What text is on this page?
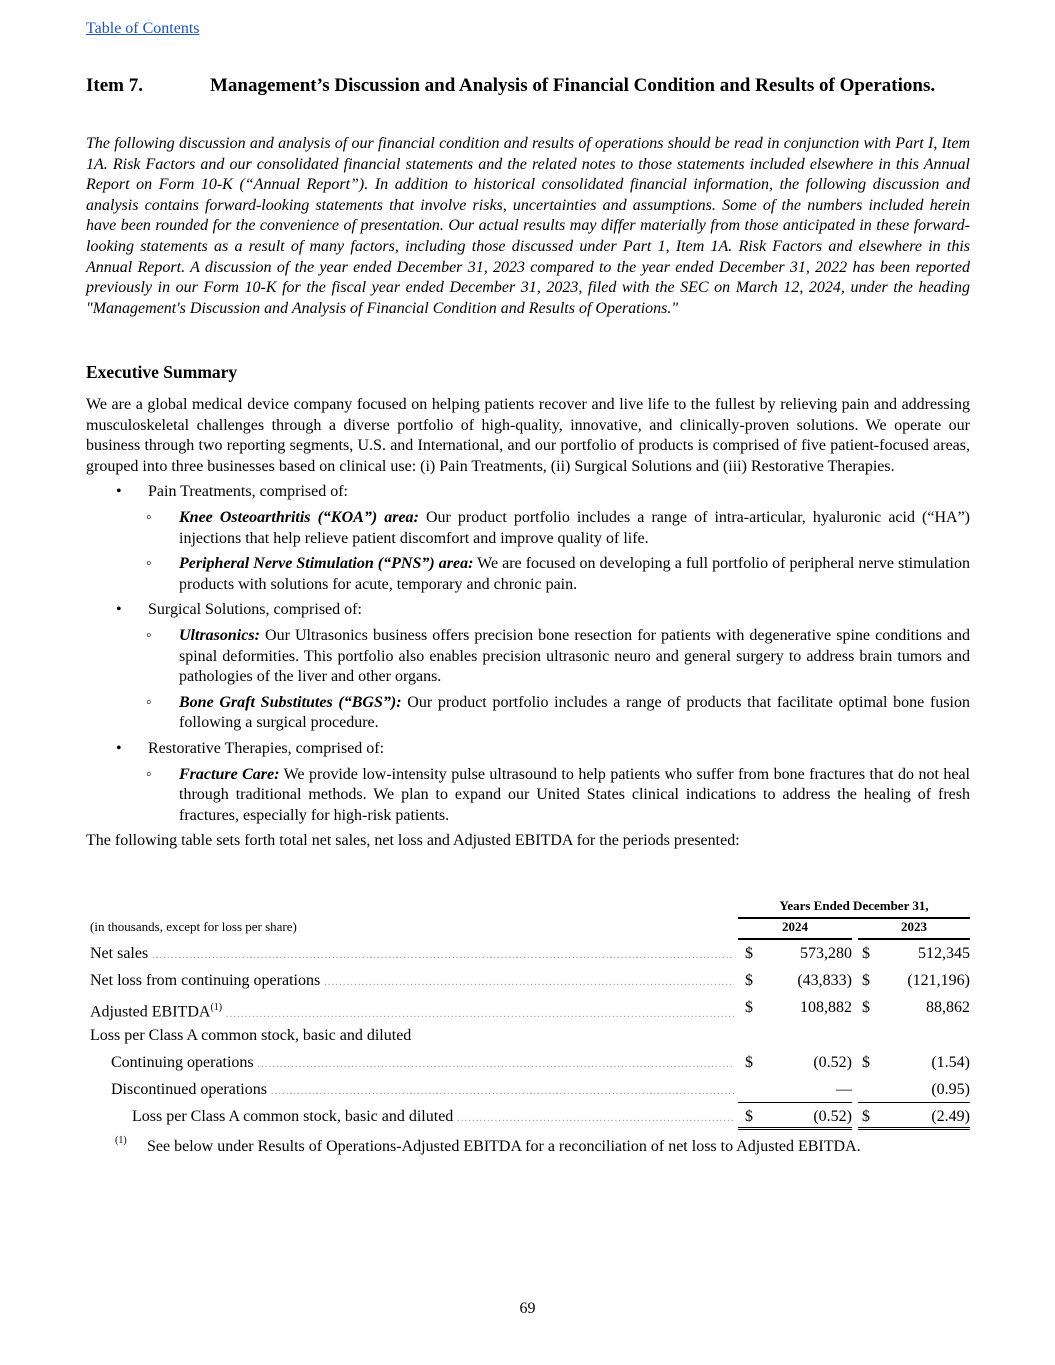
Table of Contents
Item 7.	Management’s Discussion and Analysis of Financial Condition and Results of Operations.

The following discussion and analysis of our financial condition and results of operations should be read in conjunction with Part I, Item 1A. Risk Factors and our consolidated financial statements and the related notes to those statements included elsewhere in this Annual Report on Form 10-K (“Annual Report”). In addition to historical consolidated financial information, the following discussion and analysis contains forward-looking statements that involve risks, uncertainties and assumptions. Some of the numbers included herein have been rounded for the convenience of presentation. Our actual results may differ materially from those anticipated in these forward-looking statements as a result of many factors, including those discussed under Part 1, Item 1A. Risk Factors and elsewhere in this Annual Report. A discussion of the year ended December 31, 2023 compared to the year ended December 31, 2022 has been reported previously in our Form 10-K for the fiscal year ended December 31, 2023, filed with the SEC on March 12, 2024, under the heading "Management's Discussion and Analysis of Financial Condition and Results of Operations."

Executive Summary

We are a global medical device company focused on helping patients recover and live life to the fullest by relieving pain and addressing musculoskeletal challenges through a diverse portfolio of high-quality, innovative, and clinically-proven solutions. We operate our business through two reporting segments, U.S. and International, and our portfolio of products is comprised of five patient-focused areas, grouped into three businesses based on clinical use: (i) Pain Treatments, (ii) Surgical Solutions and (iii) Restorative Therapies.

• Pain Treatments, comprised of:
◦ Knee Osteoarthritis (“KOA”) area: Our product portfolio includes a range of intra-articular, hyaluronic acid (“HA”) injections that help relieve patient discomfort and improve quality of life.
◦ Peripheral Nerve Stimulation (“PNS”) area: We are focused on developing a full portfolio of peripheral nerve stimulation products with solutions for acute, temporary and chronic pain.
• Surgical Solutions, comprised of:
◦ Ultrasonics: Our Ultrasonics business offers precision bone resection for patients with degenerative spine conditions and spinal deformities. This portfolio also enables precision ultrasonic neuro and general surgery to address brain tumors and pathologies of the liver and other organs.
◦ Bone Graft Substitutes (“BGS”): Our product portfolio includes a range of products that facilitate optimal bone fusion following a surgical procedure.
• Restorative Therapies, comprised of:
◦ Fracture Care: We provide low-intensity pulse ultrasound to help patients who suffer from bone fractures that do not heal through traditional methods. We plan to expand our United States clinical indications to address the healing of fresh fractures, especially for high-risk patients.

The following table sets forth total net sales, net loss and Adjusted EBITDA for the periods presented:

Years Ended December 31,
(in thousands, except for loss per share)	2024	2023
Net sales .....	$	573,280 $	512,345
Net loss from continuing operations .....	$	(43,833) $	(121,196)
Adjusted EBITDA$^{(1)}$ .....	$	108,882 $	88,862
Loss per Class A common stock, basic and diluted
Continuing operations .....	$	(0.52) $	(1.54)
Discontinued operations .....	—	(0.95)
Loss per Class A common stock, basic and diluted .....	$	(0.52) $	(2.49)
(1) See below under Results of Operations-Adjusted EBITDA for a reconciliation of net loss to Adjusted EBITDA.
69
